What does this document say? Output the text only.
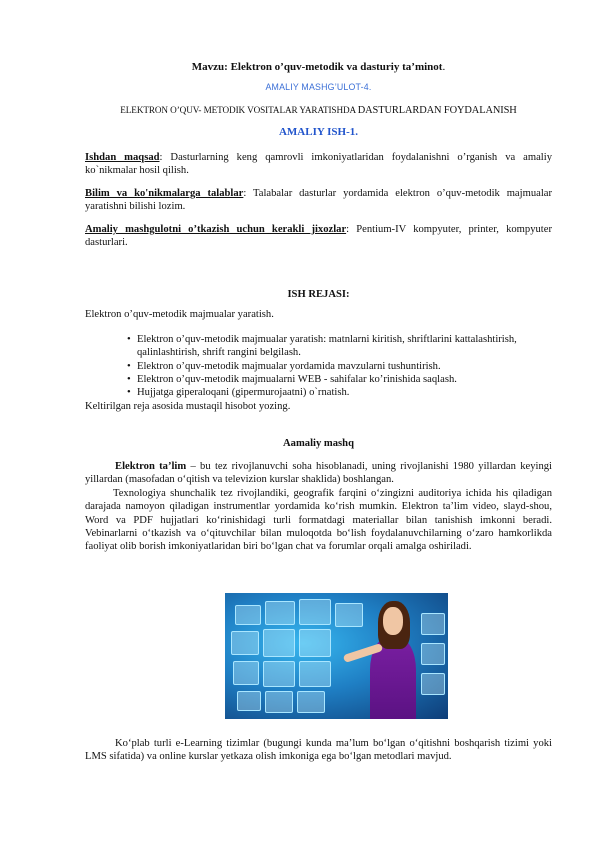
Mavzu: Elektron o’quv-metodik va dasturiy ta’minot.
AMALIY MASHG’ULOT-4.
ELEKTRON O’QUV- METODIK VOSITALAR YARATISHDA DASTURLARDAN FOYDALANISH
AMALIY ISH-1.
Ishdan maqsad: Dasturlarning keng qamrovli imkoniyatlaridan foydalanishni o’rganish va amaliy ko`nikmalar hosil qilish.
Bilim va ko'nikmalarga talablar: Talabalar dasturlar yordamida elektron o’quv-metodik majmualar yaratishni bilishi lozim.
Amaliy mashgulotni o’tkazish uchun kerakli jixozlar: Pentium-IV kompyuter, printer, kompyuter dasturlari.
ISH REJASI:
Elektron o’quv-metodik majmualar yaratish.
• Elektron o’quv-metodik majmualar yaratish: matnlarni kiritish, shriftlarini kattalashtirish, qalinlashtirish, shrift rangini belgilash.
• Elektron o’quv-metodik majmualar yordamida mavzularni tushuntirish.
• Elektron o’quv-metodik majmualarni WEB - sahifalar ko’rinishida saqlash.
• Hujjatga giperaloqani (gipermurojaatni) o`rnatish.
Keltirilgan reja asosida mustaqil hisobot yozing.
Aamaliy mashq
Elektron ta’lim – bu tez rivojlanuvchi soha hisoblanadi, uning rivojlanishi 1980 yillardan keyingi yillardan (masofadan o‘qitish va televizion kurslar shaklida) boshlangan.
Texnologiya shunchalik tez rivojlandiki, geografik farqini o‘zingizni auditoriya ichida his qiladigan darajada namoyon qiladigan instrumentlar yordamida ko‘rish mumkin. Elektron ta’lim video, slayd-shou, Word va PDF hujjatlari ko‘rinishidagi turli formatdagi materiallar bilan tanishish imkonni beradi. Vebinarlarni o‘tkazish va o‘qituvchilar bilan muloqotda bo‘lish foydalanuvchilarning o‘zaro hamkorlikda faoliyat olib borish imkoniyatlaridan biri bo‘lgan chat va forumlar orqali amalga oshiriladi.
Ko‘plab turli e-Learning tizimlar (bugungi kunda ma’lum bo‘lgan o‘qitishni boshqarish tizimi yoki LMS sifatida) va online kurslar yetkaza olish imkoniga ega bo‘lgan metodlari mavjud.
